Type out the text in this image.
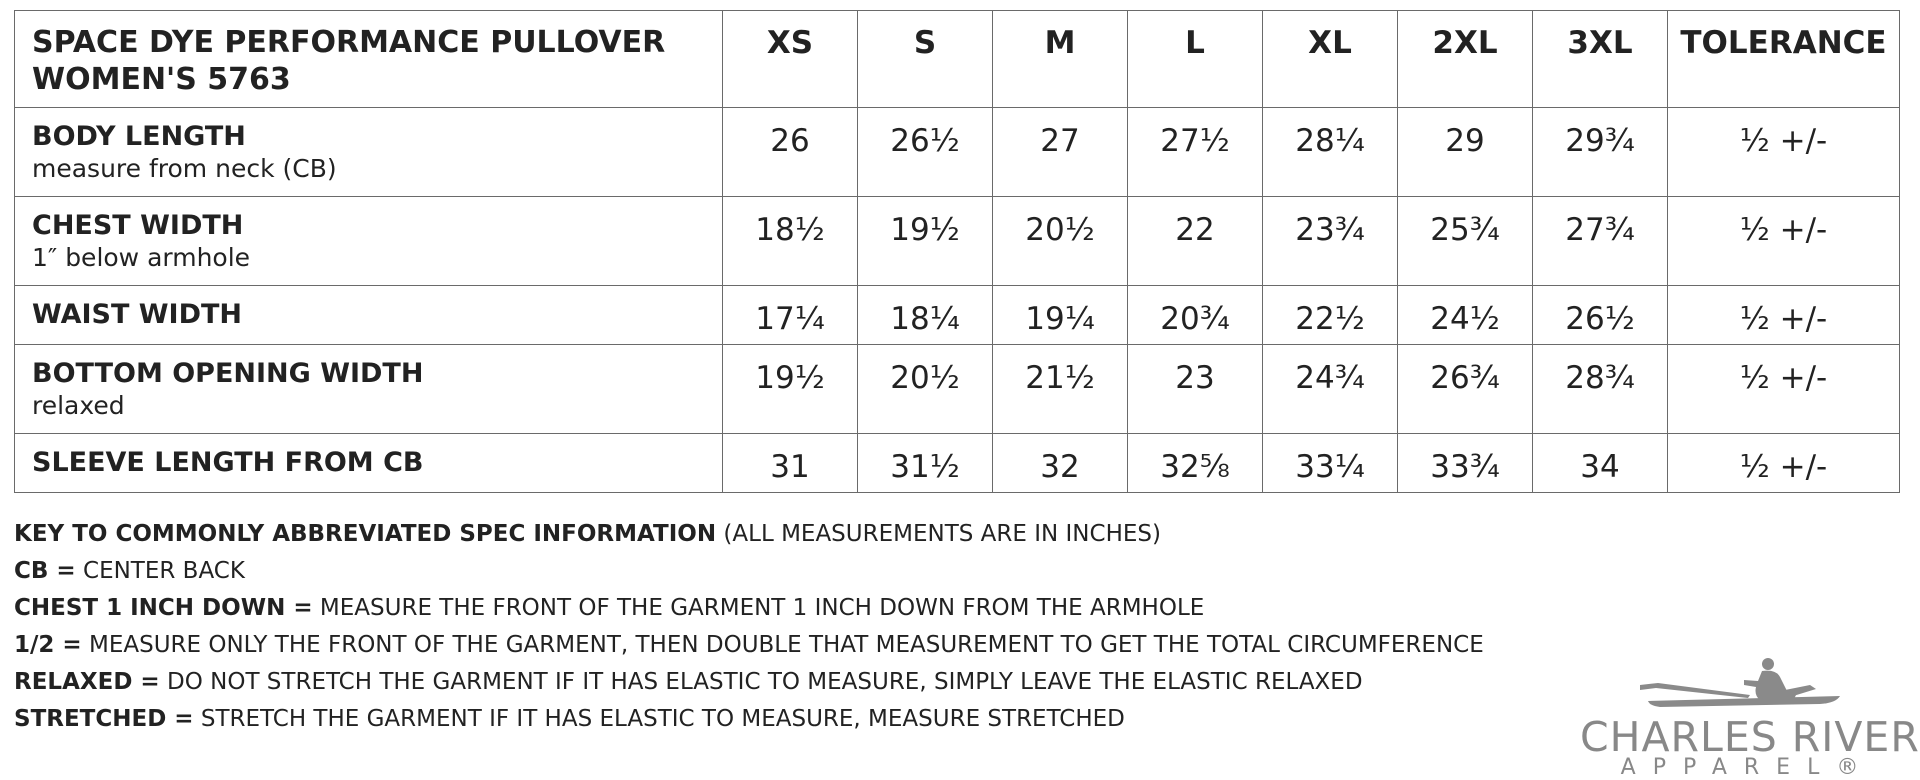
SPACE DYE PERFORMANCE PULLOVER
WOMEN'S 5763	XS	S	M	L	XL	2XL	3XL	TOLERANCE

BODY LENGTH
measure from neck (CB)	26	26½	27	27½	28¼	29	29¾	½ +/-

CHEST WIDTH
1″ below armhole	18½	19½	20½	22	23¾	25¾	27¾	½ +/-

WAIST WIDTH	17¼	18¼	19¼	20¾	22½	24½	26½	½ +/-

BOTTOM OPENING WIDTH
relaxed	19½	20½	21½	23	24¾	26¾	28¾	½ +/-

SLEEVE LENGTH FROM CB	31	31½	32	32⅝	33¼	33¾	34	½ +/-
KEY TO COMMONLY ABBREVIATED SPEC INFORMATION (ALL MEASUREMENTS ARE IN INCHES)
CB = CENTER BACK
CHEST 1 INCH DOWN = MEASURE THE FRONT OF THE GARMENT 1 INCH DOWN FROM THE ARMHOLE
1/2 = MEASURE ONLY THE FRONT OF THE GARMENT, THEN DOUBLE THAT MEASUREMENT TO GET THE TOTAL CIRCUMFERENCE
RELAXED = DO NOT STRETCH THE GARMENT IF IT HAS ELASTIC TO MEASURE, SIMPLY LEAVE THE ELASTIC RELAXED
STRETCHED = STRETCH THE GARMENT IF IT HAS ELASTIC TO MEASURE, MEASURE STRETCHED	CHARLES RIVER
APPAREL®
